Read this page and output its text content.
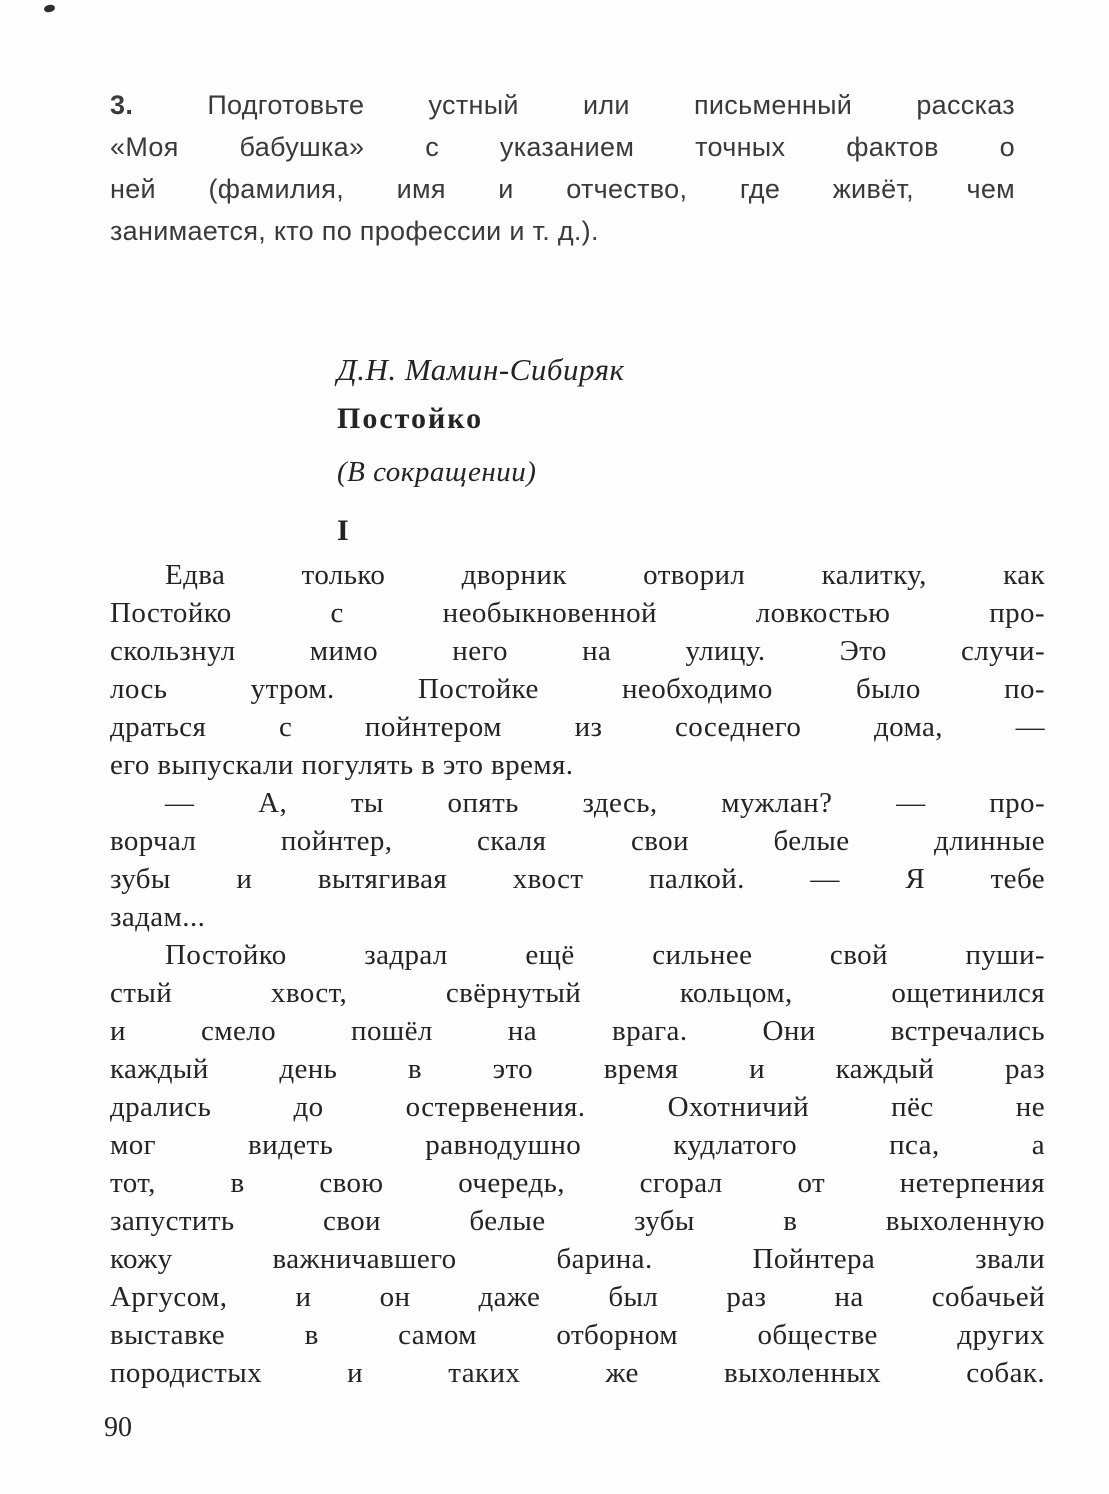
3.	Подготовьте устный или письменный рассказ
«Моя бабушка» с указанием точных фактов о
ней (фамилия, имя и отчество, где живёт, чем
занимается, кто по профессии и т. д.).
Д.Н. Мамин-Сибиряк
Постойко
(В сокращении)
I
Едва только дворник отворил калитку, как
Постойко с необыкновенной ловкостью про-
скользнул мимо него на улицу. Это случи-
лось утром. Постойке необходимо было по-
драться с пойнтером из соседнего дома, —
его выпускали погулять в это время.
— А, ты опять здесь, мужлан? — про-
ворчал пойнтер, скаля свои белые длинные
зубы и вытягивая хвост палкой. — Я тебе
задам...
Постойко задрал ещё сильнее свой пуши-
стый хвост, свёрнутый кольцом, ощетинился
и смело пошёл на врага. Они встречались
каждый день в это время и каждый раз
дрались до остервенения. Охотничий пёс не
мог видеть равнодушно кудлатого пса, а
тот, в свою очередь, сгорал от нетерпения
запустить свои белые зубы в выхоленную
кожу важничавшего барина. Пойнтера звали
Аргусом, и он даже был раз на собачьей
выставке в самом отборном обществе других
породистых и таких же выхоленных собак.
90
